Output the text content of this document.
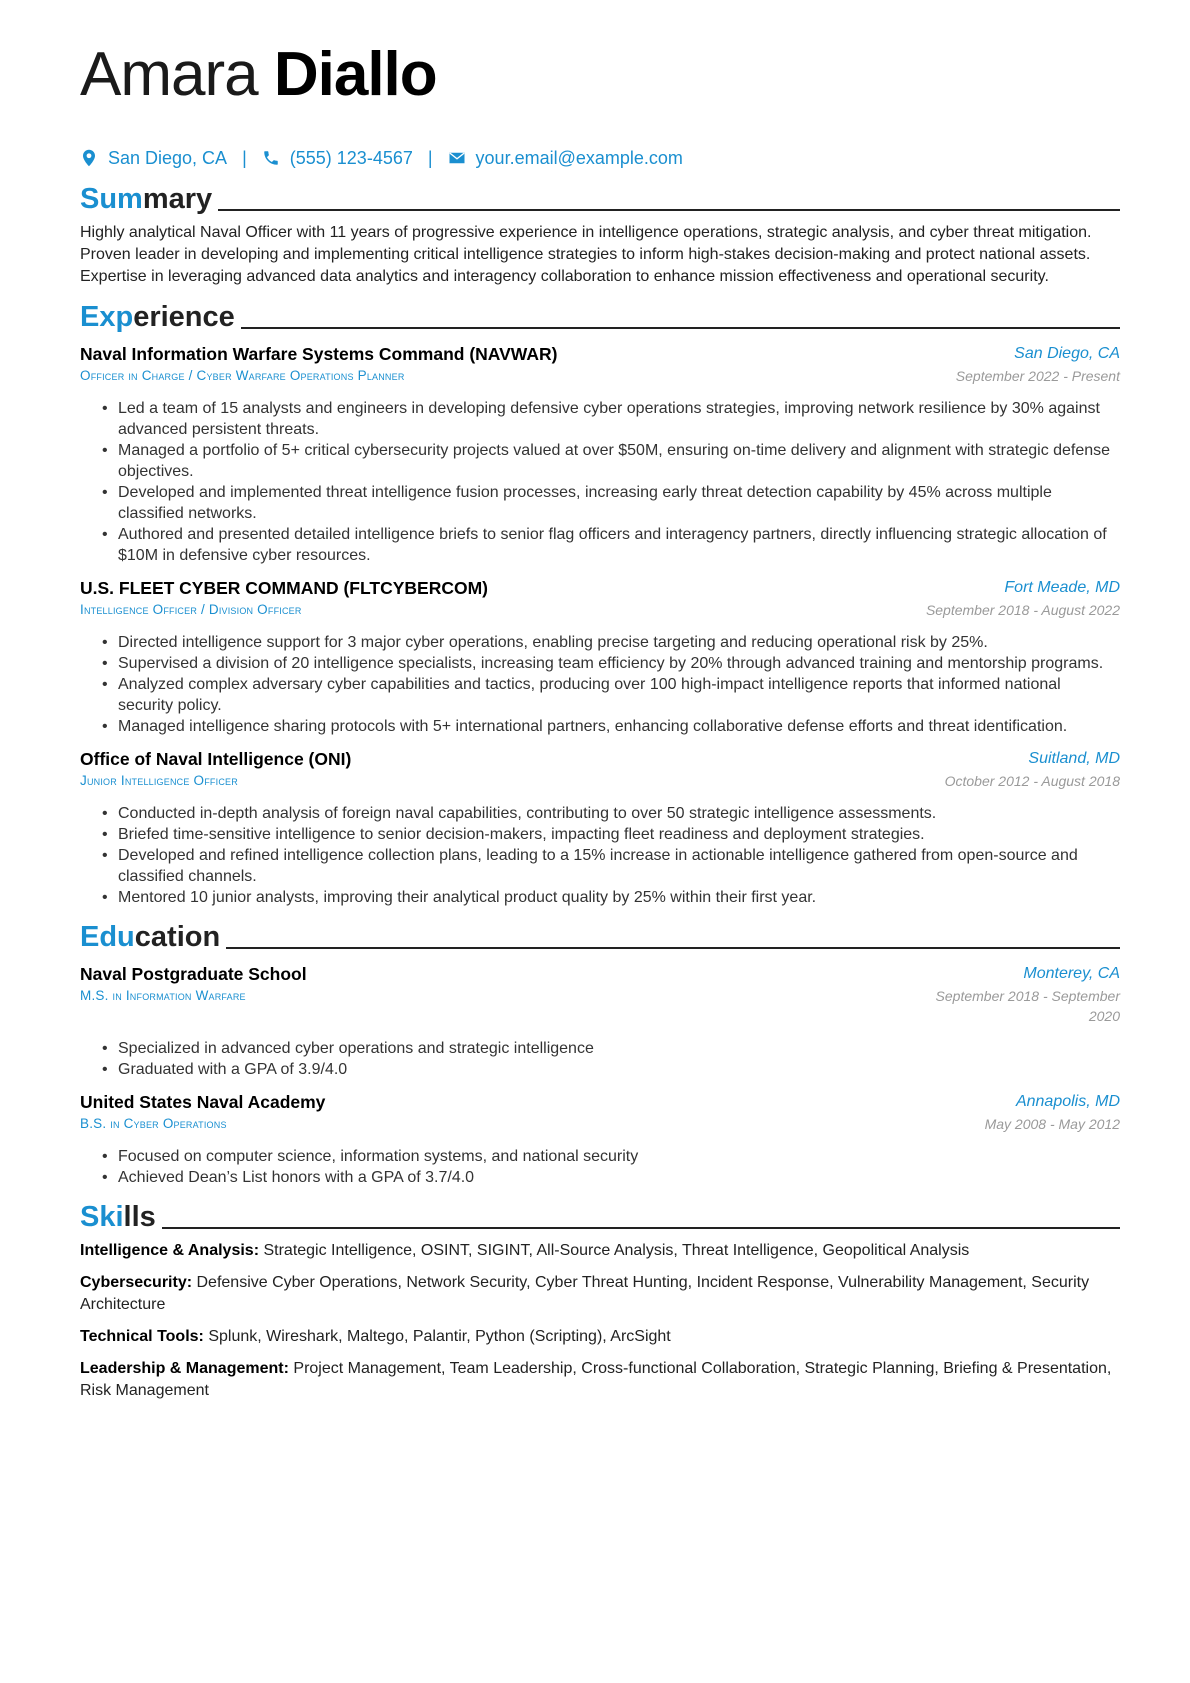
Amara Diallo
San Diego, CA | (555) 123-4567 | your.email@example.com
Summary
Highly analytical Naval Officer with 11 years of progressive experience in intelligence operations, strategic analysis, and cyber threat mitigation. Proven leader in developing and implementing critical intelligence strategies to inform high-stakes decision-making and protect national assets. Expertise in leveraging advanced data analytics and interagency collaboration to enhance mission effectiveness and operational security.
Experience
Naval Information Warfare Systems Command (NAVWAR)	San Diego, CA
Officer in Charge / Cyber Warfare Operations Planner	September 2022 - Present
• Led a team of 15 analysts and engineers in developing defensive cyber operations strategies, improving network resilience by 30% against advanced persistent threats.
• Managed a portfolio of 5+ critical cybersecurity projects valued at over $50M, ensuring on-time delivery and alignment with strategic defense objectives.
• Developed and implemented threat intelligence fusion processes, increasing early threat detection capability by 45% across multiple classified networks.
• Authored and presented detailed intelligence briefs to senior flag officers and interagency partners, directly influencing strategic allocation of $10M in defensive cyber resources.
U.S. FLEET CYBER COMMAND (FLTCYBERCOM)	Fort Meade, MD
Intelligence Officer / Division Officer	September 2018 - August 2022
• Directed intelligence support for 3 major cyber operations, enabling precise targeting and reducing operational risk by 25%.
• Supervised a division of 20 intelligence specialists, increasing team efficiency by 20% through advanced training and mentorship programs.
• Analyzed complex adversary cyber capabilities and tactics, producing over 100 high-impact intelligence reports that informed national security policy.
• Managed intelligence sharing protocols with 5+ international partners, enhancing collaborative defense efforts and threat identification.
Office of Naval Intelligence (ONI)	Suitland, MD
Junior Intelligence Officer	October 2012 - August 2018
• Conducted in-depth analysis of foreign naval capabilities, contributing to over 50 strategic intelligence assessments.
• Briefed time-sensitive intelligence to senior decision-makers, impacting fleet readiness and deployment strategies.
• Developed and refined intelligence collection plans, leading to a 15% increase in actionable intelligence gathered from open-source and classified channels.
• Mentored 10 junior analysts, improving their analytical product quality by 25% within their first year.
Education
Naval Postgraduate School	Monterey, CA
M.S. in Information Warfare	September 2018 - September 2020
• Specialized in advanced cyber operations and strategic intelligence
• Graduated with a GPA of 3.9/4.0
United States Naval Academy	Annapolis, MD
B.S. in Cyber Operations	May 2008 - May 2012
• Focused on computer science, information systems, and national security
• Achieved Dean’s List honors with a GPA of 3.7/4.0
Skills
Intelligence & Analysis: Strategic Intelligence, OSINT, SIGINT, All-Source Analysis, Threat Intelligence, Geopolitical Analysis
Cybersecurity: Defensive Cyber Operations, Network Security, Cyber Threat Hunting, Incident Response, Vulnerability Management, Security Architecture
Technical Tools: Splunk, Wireshark, Maltego, Palantir, Python (Scripting), ArcSight
Leadership & Management: Project Management, Team Leadership, Cross-functional Collaboration, Strategic Planning, Briefing & Presentation, Risk Management
